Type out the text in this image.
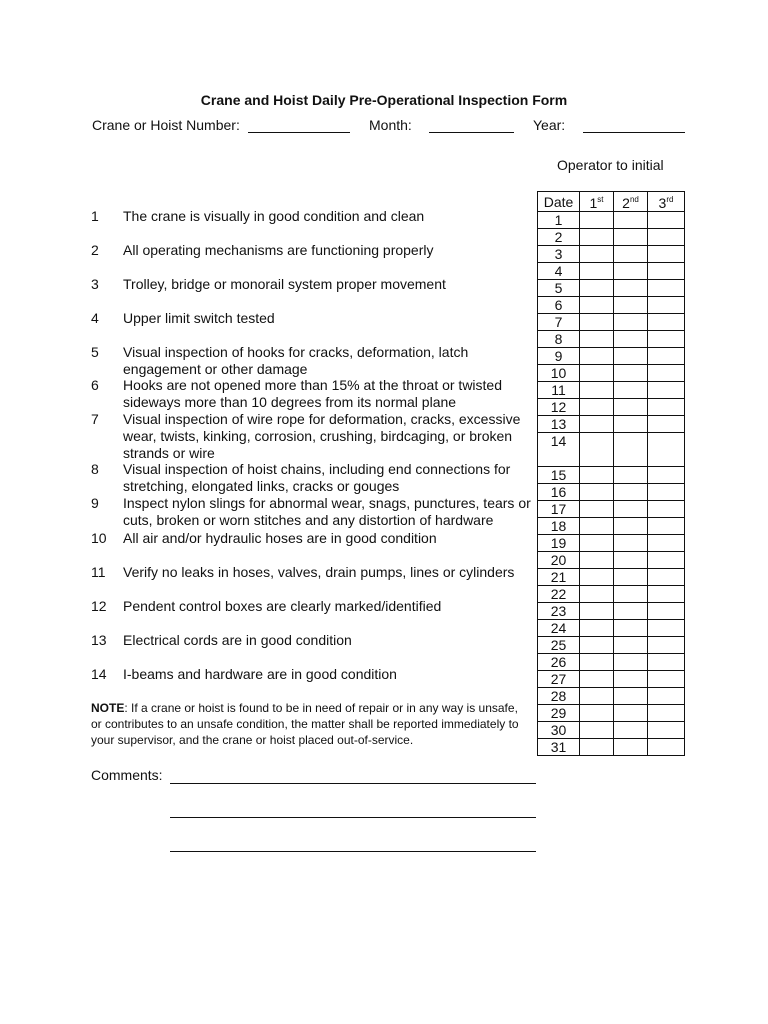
Crane and Hoist Daily Pre-Operational Inspection Form
Crane or Hoist Number:	Month:	Year:
Operator to initial
1 The crane is visually in good condition and clean
2 All operating mechanisms are functioning properly
3 Trolley, bridge or monorail system proper movement
4 Upper limit switch tested
5 Visual inspection of hooks for cracks, deformation, latch engagement or other damage
6 Hooks are not opened more than 15% at the throat or twisted sideways more than 10 degrees from its normal plane
7 Visual inspection of wire rope for deformation, cracks, excessive wear, twists, kinking, corrosion, crushing, birdcaging, or broken strands or wire
8 Visual inspection of hoist chains, including end connections for stretching, elongated links, cracks or gouges
9 Inspect nylon slings for abnormal wear, snags, punctures, tears or cuts, broken or worn stitches and any distortion of hardware
10 All air and/or hydraulic hoses are in good condition
11 Verify no leaks in hoses, valves, drain pumps, lines or cylinders
12 Pendent control boxes are clearly marked/identified
13 Electrical cords are in good condition
14 I-beams and hardware are in good condition
Date	1st	2nd	3rd
1			
2			
3			
4			
5			
6			
7			
8			
9			
10			
11			
12			
13			
14			
15			
16			
17			
18			
19			
20			
21			
22			
23			
24			
25			
26			
27			
28			
29			
30			
31			
NOTE: If a crane or hoist is found to be in need of repair or in any way is unsafe, or contributes to an unsafe condition, the matter shall be reported immediately to your supervisor, and the crane or hoist placed out-of-service.
Comments:
